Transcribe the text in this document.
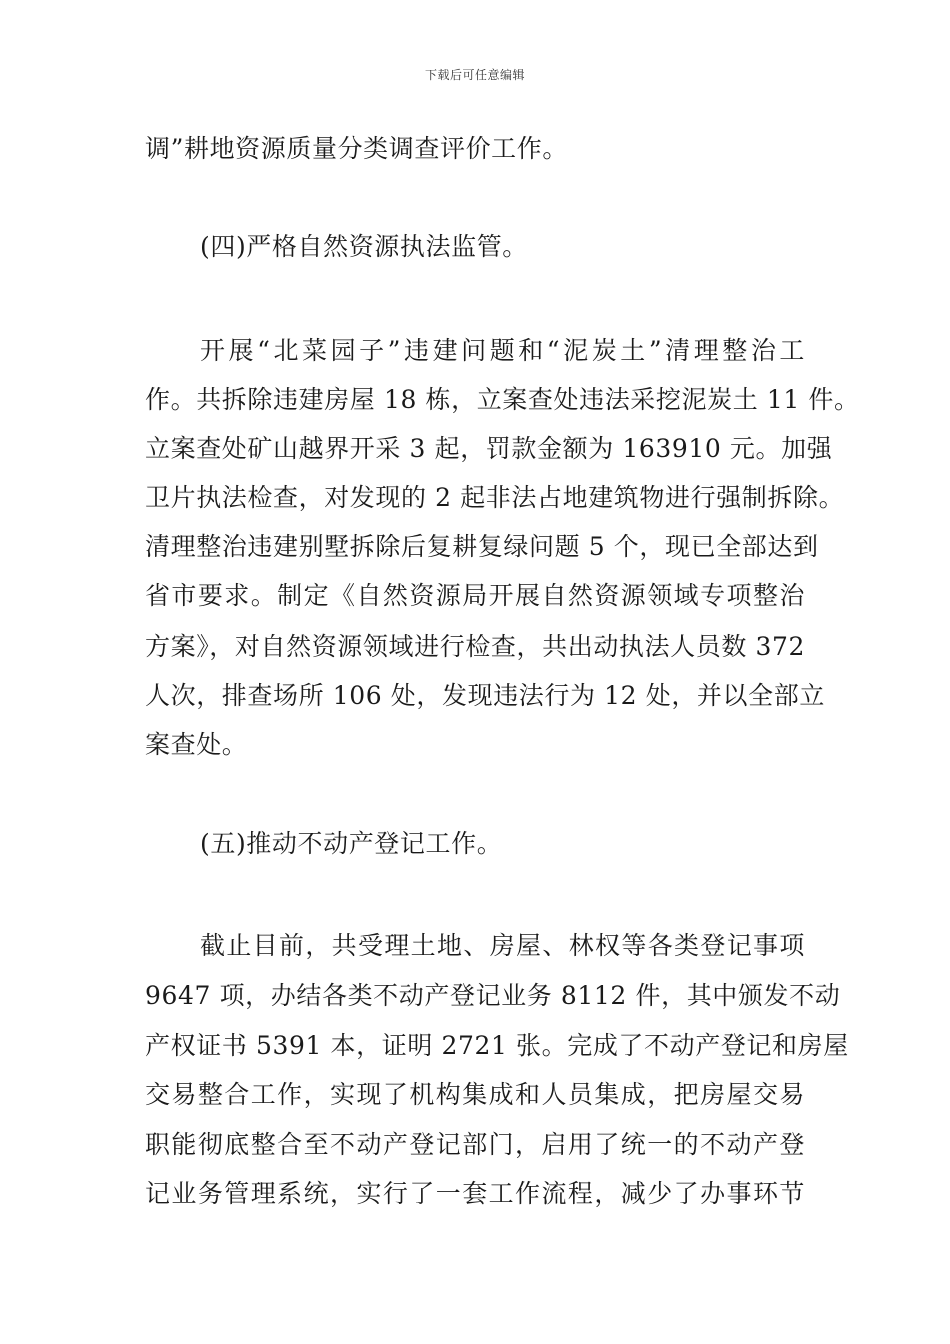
下载后可任意编辑
调”耕地资源质量分类调查评价工作。
(四)严格自然资源执法监管。
开展“北菜园子”违建问题和“泥炭土”清理整治工
作。共拆除违建房屋 18 栋，立案查处违法采挖泥炭土 11 件。
立案查处矿山越界开采 3 起，罚款金额为 163910 元。加强
卫片执法检查，对发现的 2 起非法占地建筑物进行强制拆除。
清理整治违建别墅拆除后复耕复绿问题 5 个，现已全部达到
省市要求。制定《自然资源局开展自然资源领域专项整治
方案》，对自然资源领域进行检查，共出动执法人员数 372
人次，排查场所 106 处，发现违法行为 12 处，并以全部立
案查处。
(五)推动不动产登记工作。
截止目前，共受理土地、房屋、林权等各类登记事项
9647 项，办结各类不动产登记业务 8112 件，其中颁发不动
产权证书 5391 本，证明 2721 张。完成了不动产登记和房屋
交易整合工作，实现了机构集成和人员集成，把房屋交易
职能彻底整合至不动产登记部门，启用了统一的不动产登
记业务管理系统，实行了一套工作流程，减少了办事环节
